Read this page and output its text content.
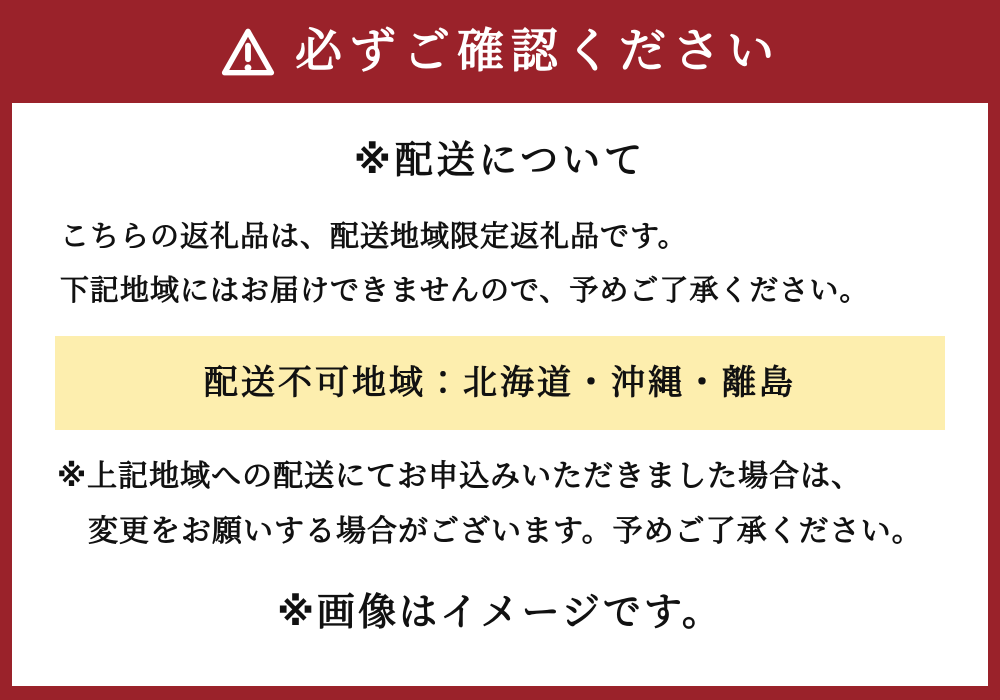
必ずご確認ください
※配送について
こちらの返礼品は、配送地域限定返礼品です。
下記地域にはお届けできませんので、予めご了承ください。
配送不可地域：北海道・沖縄・離島
※上記地域への配送にてお申込みいただきました場合は、
変更をお願いする場合がございます。予めご了承ください。
※画像はイメージです。
